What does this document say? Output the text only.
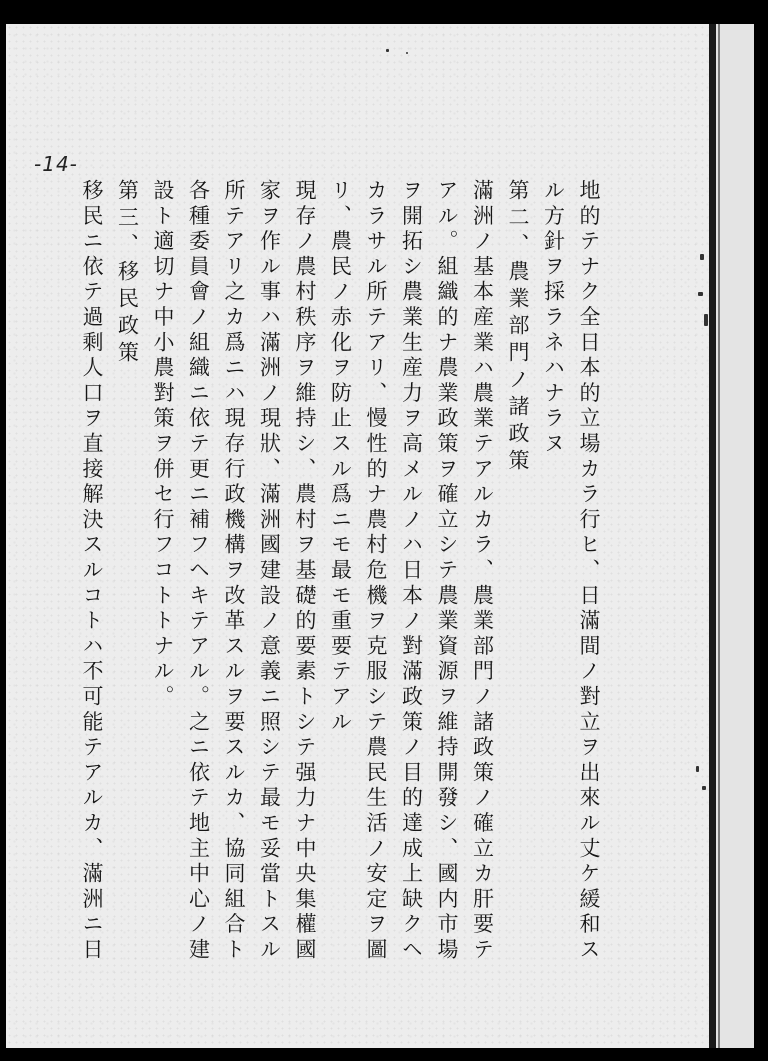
-14-
地的テナク全日本的立場カラ行ヒ、日滿間ノ對立ヲ出來ル丈ケ緩和ス
ル方針ヲ採ラネハナラヌ
第二、農業部門ノ諸政策
滿洲ノ基本産業ハ農業テアルカラ、農業部門ノ諸政策ノ確立カ肝要テ
アル。組織的ナ農業政策ヲ確立シテ農業資源ヲ維持開發シ、國内市場
ヲ開拓シ農業生産力ヲ高メルノハ日本ノ對滿政策ノ目的達成上缺クヘ
カラサル所テアリ、慢性的ナ農村危機ヲ克服シテ農民生活ノ安定ヲ圖
リ、農民ノ赤化ヲ防止スル爲ニモ最モ重要テアル
現存ノ農村秩序ヲ維持シ、農村ヲ基礎的要素トシテ强力ナ中央集權國
家ヲ作ル事ハ滿洲ノ現狀、滿洲國建設ノ意義ニ照シテ最モ妥當トスル
所テアリ之カ爲ニハ現存行政機構ヲ改革スルヲ要スルカ、協同組合ト
各種委員會ノ組織ニ依テ更ニ補フヘキテアル。之ニ依テ地主中心ノ建
設ト適切ナ中小農對策ヲ併セ行フコトトナル。
第三、移民政策
移民ニ依テ過剩人口ヲ直接解決スルコトハ不可能テアルカ、滿洲ニ日
